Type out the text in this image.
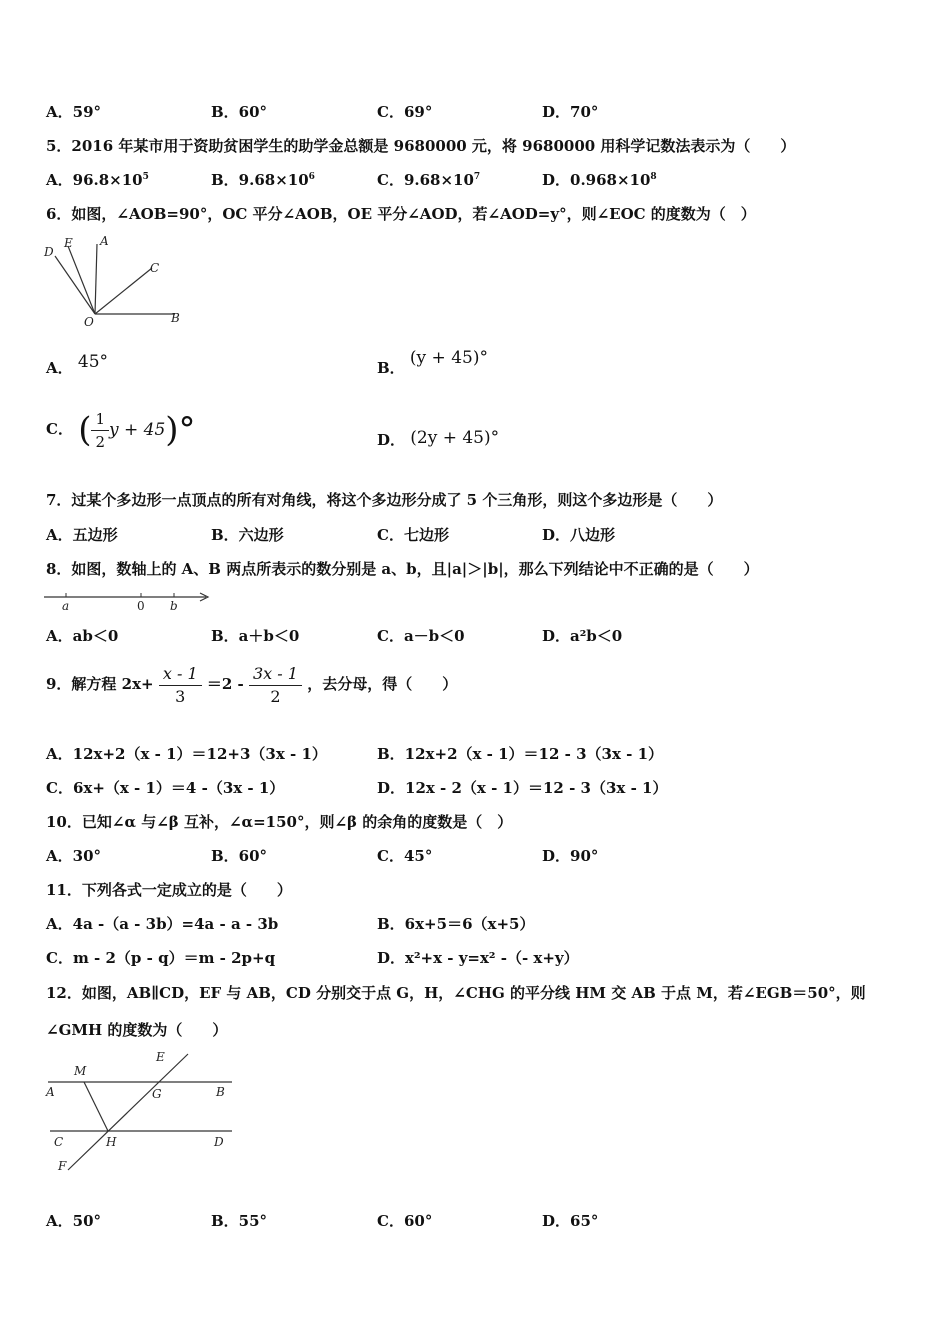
A．59°	B．60°	C．69°	D．70°
5．2016 年某市用于资助贫困学生的助学金总额是 9680000 元，将 9680000 用科学记数法表示为（　　）
A．$96.8\times 10^5$	B．$9.68\times 10^6$	C．$9.68\times 10^7$	D．$0.968\times 10^8$
6．如图，∠AOB=90°，OC 平分∠AOB，OE 平分∠AOD，若∠AOD=y°，则∠EOC 的度数为（　）
D
E A
C
O	B
A． 45°	B． (y + 45)°
C． ( $\frac{1}{2}$ y + 45)°	D． (2y + 45)°
7．过某个多边形一点顶点的所有对角线，将这个多边形分成了 5 个三角形，则这个多边形是（　　）
A．五边形	B．六边形	C．七边形	D．八边形
8．如图，数轴上的 A、B 两点所表示的数分别是 a、b，且|a|＞|b|，那么下列结论中不正确的是（　　）
a	0 b
A．ab＜0	B．a＋b＜0	C．a－b＜0	D．a²b＜0
9．解方程 $2x+ \frac{x - 1}{3} =2 - \frac{3x - 1}{2}$ ，去分母，得（　　）
A．12x+2（x - 1）＝12+3（3x - 1）	B．12x+2（x - 1）＝12 - 3（3x - 1）
C．6x+（x - 1）＝4 -（3x - 1）	D．12x - 2（x - 1）＝12 - 3（3x - 1）
10．已知∠α 与∠β 互补，∠α=150°，则∠β 的余角的度数是（　）
A．30°	B．60°	C．45°	D．90°
11．下列各式一定成立的是（　　）
A．4a -（a - 3b）=4a - a - 3b	B．6x+5＝6（x+5）
C．m - 2（p - q）＝m - 2p+q	D．x²+x - y=x² -（- x+y）
12．如图，AB∥CD，EF 与 AB，CD 分别交于点 G，H，∠CHG 的平分线 HM 交 AB 于点 M，若∠EGB＝50°，则
∠GMH 的度数为（　　）
M
E
A	G	B
C	H	D
F
A．50°	B．55°	C．60°	D．65°
